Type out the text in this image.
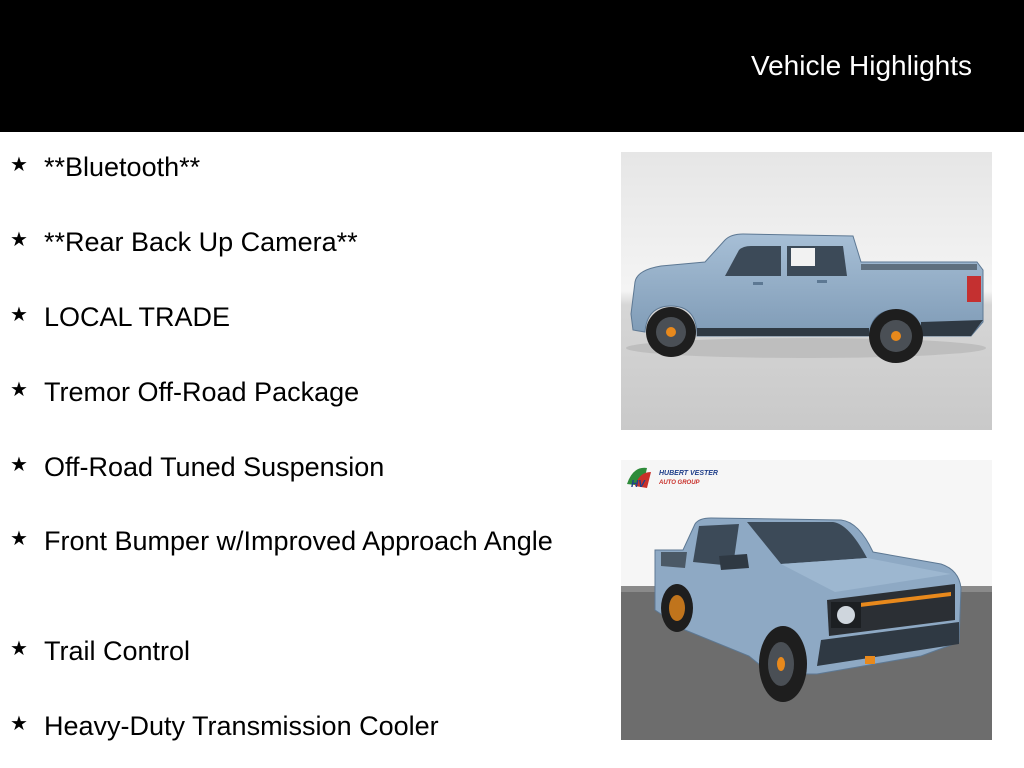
Vehicle Highlights
★ **Bluetooth**
★ **Rear Back Up Camera**
★ LOCAL TRADE
★ Tremor Off-Road Package
★ Off-Road Tuned Suspension
★ Front Bumper w/Improved Approach Angle
★ Trail Control
★ Heavy-Duty Transmission Cooler
HV
HUBERT VESTER
AUTO GROUP
